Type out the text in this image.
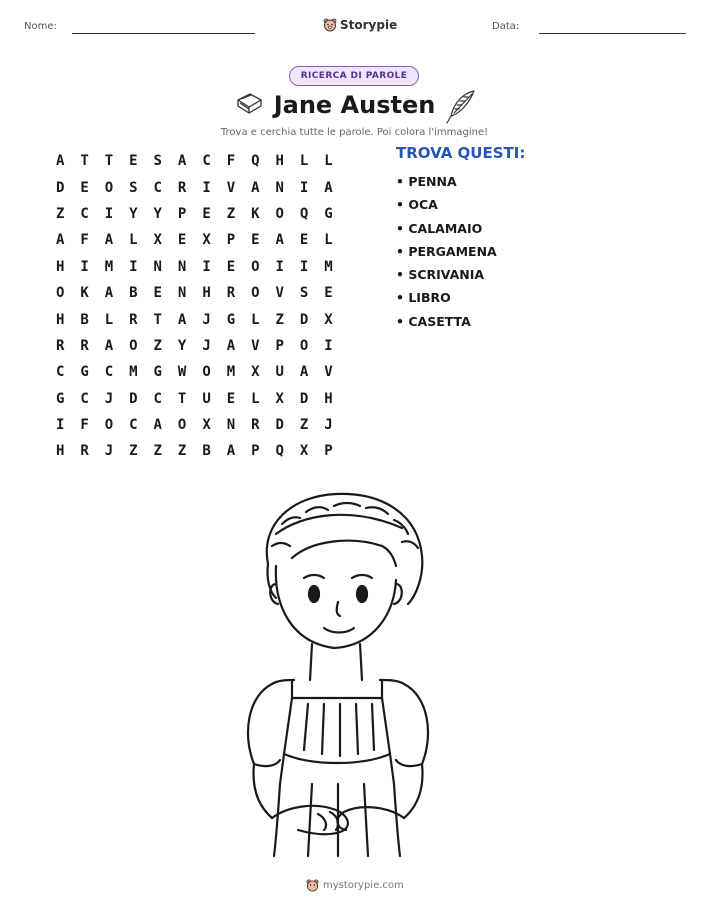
Nome:	Storypie	Data:
RICERCA DI PAROLE
Jane Austen
Trova e cerchia tutte le parole. Poi colora l'immagine!
A	T	T	E	S	A	C	F	Q	H	L	L
D	E	O	S	C	R	I	V	A	N	I	A
Z	C	I	Y	Y	P	E	Z	K	O	Q	G
A	F	A	L	X	E	X	P	E	A	E	L
H	I	M	I	N	N	I	E	O	I	I	M
O	K	A	B	E	N	H	R	O	V	S	E
H	B	L	R	T	A	J	G	L	Z	D	X
R	R	A	O	Z	Y	J	A	V	P	O	I
C	G	C	M	G	W	O	M	X	U	A	V
G	C	J	D	C	T	U	E	L	X	D	H
I	F	O	C	A	O	X	N	R	D	Z	J
H	R	J	Z	Z	Z	B	A	P	Q	X	P
TROVA QUESTI:
• PENNA
• OCA
• CALAMAIO
• PERGAMENA
• SCRIVANIA
• LIBRO
• CASETTA
mystorypie.com
